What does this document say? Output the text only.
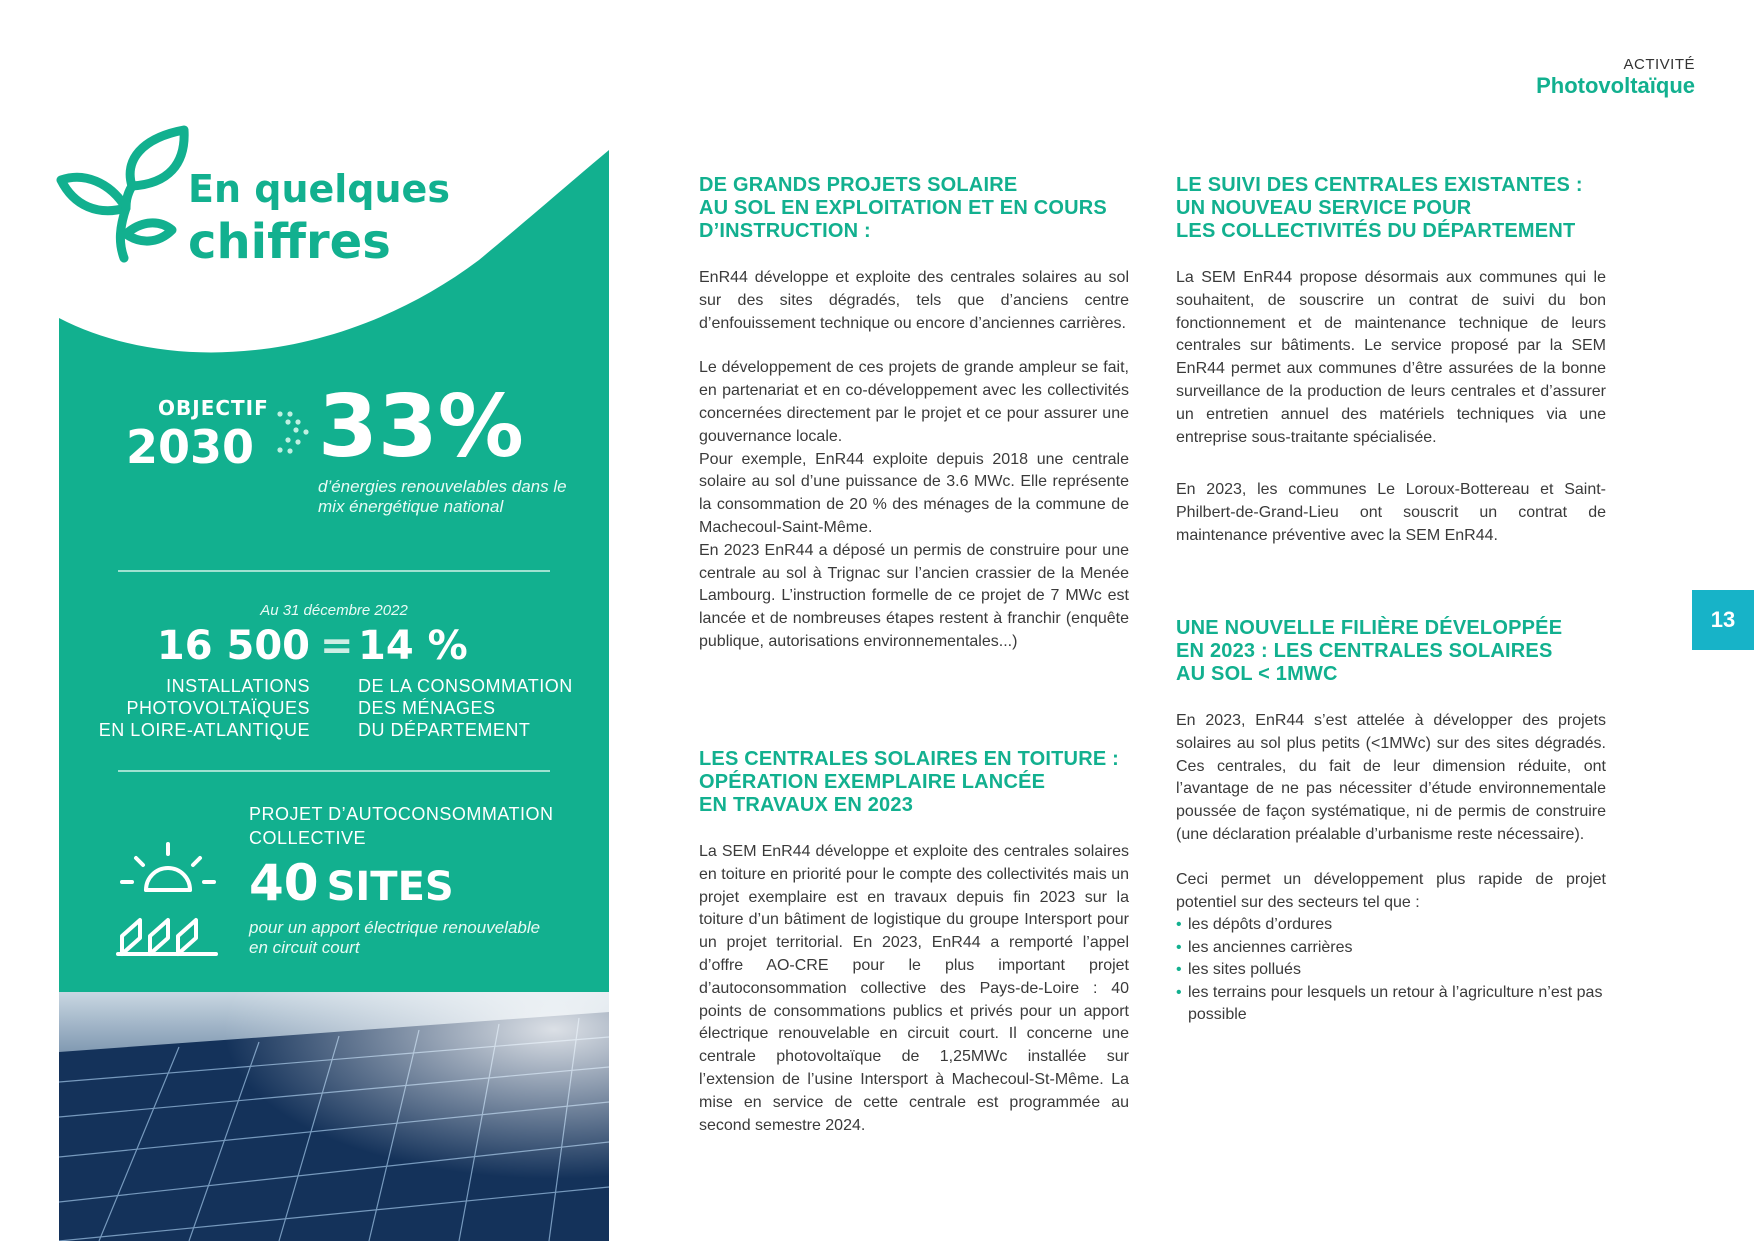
ACTIVITÉ
Photovoltaïque
13
En quelques
chiffres
OBJECTIF
2030 33%
d’énergies renouvelables dans le mix énergétique national
Au 31 décembre 2022
16 500 = 14 %
INSTALLATIONS
PHOTOVOLTAÏQUES
EN LOIRE-ATLANTIQUE
DE LA CONSOMMATION
DES MÉNAGES
DU DÉPARTEMENT
PROJET D’AUTOCONSOMMATION
COLLECTIVE
40 SITES
pour un apport électrique renouvelable en circuit court
DE GRANDS PROJETS SOLAIRE
AU SOL EN EXPLOITATION ET EN COURS
D’INSTRUCTION :

EnR44 développe et exploite des centrales solaires au sol sur des sites dégradés, tels que d’anciens centre d’enfouissement technique ou encore d’anciennes carrières.

Le développement de ces projets de grande ampleur se fait, en partenariat et en co-développement avec les collectivités concernées directement par le projet et ce pour assurer une gouvernance locale.

Pour exemple, EnR44 exploite depuis 2018 une centrale solaire au sol d’une puissance de 3.6 MWc. Elle représente la consommation de 20 % des ménages de la commune de Machecoul-Saint-Même.

En 2023 EnR44 a déposé un permis de construire pour une centrale au sol à Trignac sur l’ancien crassier de la Menée Lambourg. L’instruction formelle de ce projet de 7 MWc est lancée et de nombreuses étapes restent à franchir (enquête publique, autorisations environnementales...)

LES CENTRALES SOLAIRES EN TOITURE :
OPÉRATION EXEMPLAIRE LANCÉE
EN TRAVAUX EN 2023

La SEM EnR44 développe et exploite des centrales solaires en toiture en priorité pour le compte des collectivités mais un projet exemplaire est en travaux depuis fin 2023 sur la toiture d’un bâtiment de logistique du groupe Intersport pour un projet territorial. En 2023, EnR44 a remporté l’appel d’offre AO-CRE pour le plus important projet d’autoconsommation collective des Pays-de-Loire : 40 points de consommations publics et privés pour un apport électrique renouvelable en circuit court. Il concerne une centrale photovoltaïque de 1,25MWc installée sur l’extension de l’usine Intersport à Machecoul-St-Même. La mise en service de cette centrale est programmée au second semestre 2024.

LE SUIVI DES CENTRALES EXISTANTES :
UN NOUVEAU SERVICE POUR
LES COLLECTIVITÉS DU DÉPARTEMENT

La SEM EnR44 propose désormais aux communes qui le souhaitent, de souscrire un contrat de suivi du bon fonctionnement et de maintenance technique de leurs centrales sur bâtiments. Le service proposé par la SEM EnR44 permet aux communes d’être assurées de la bonne surveillance de la production de leurs centrales et d’assurer un entretien annuel des matériels techniques via une entreprise sous-traitante spécialisée.

En 2023, les communes Le Loroux-Bottereau et Saint-Philbert-de-Grand-Lieu ont souscrit un contrat de maintenance préventive avec la SEM EnR44.

UNE NOUVELLE FILIÈRE DÉVELOPPÉE
EN 2023 : LES CENTRALES SOLAIRES
AU SOL < 1MWC

En 2023, EnR44 s’est attelée à développer des projets solaires au sol plus petits (<1MWc) sur des sites dégradés. Ces centrales, du fait de leur dimension réduite, ont l’avantage de ne pas nécessiter d’étude environnementale poussée de façon systématique, ni de permis de construire (une déclaration préalable d’urbanisme reste nécessaire).

Ceci permet un développement plus rapide de projet potentiel sur des secteurs tel que :

• les dépôts d’ordures
• les anciennes carrières
• les sites pollués
• les terrains pour lesquels un retour à l’agriculture n’est pas possible
